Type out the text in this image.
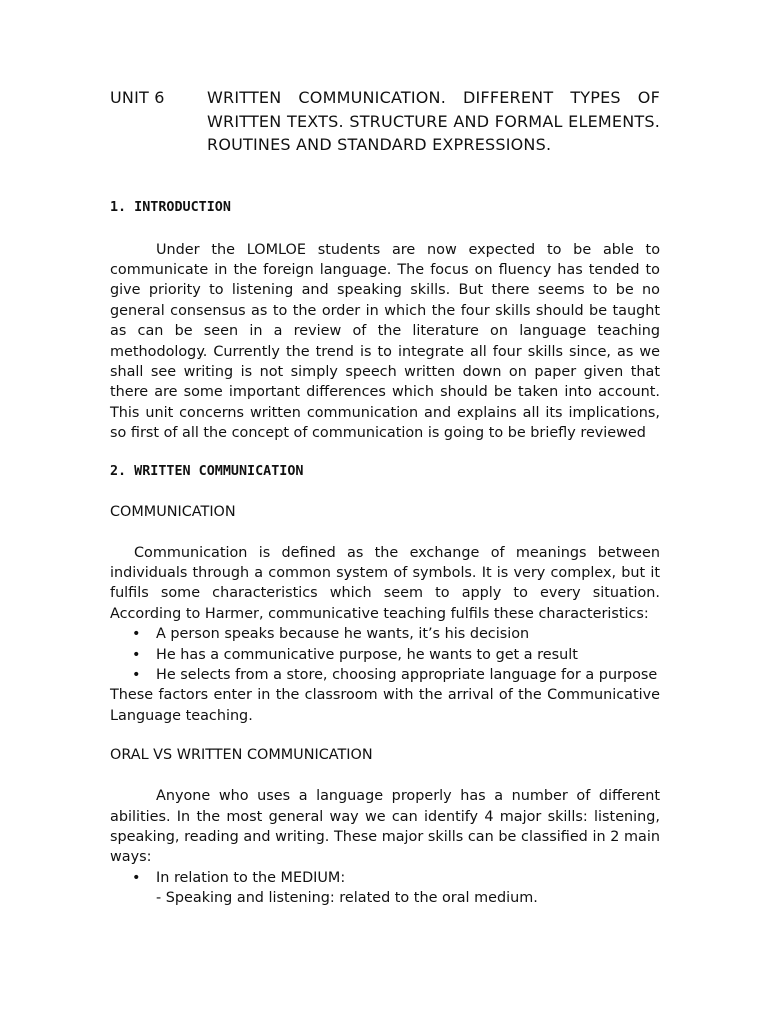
UNIT 6	WRITTEN COMMUNICATION. DIFFERENT TYPES OF WRITTEN TEXTS. STRUCTURE AND FORMAL ELEMENTS. ROUTINES AND STANDARD EXPRESSIONS.
1. INTRODUCTION

Under the LOMLOE students are now expected to be able to communicate in the foreign language. The focus on fluency has tended to give priority to listening and speaking skills. But there seems to be no general consensus as to the order in which the four skills should be taught as can be seen in a review of the literature on language teaching methodology. Currently the trend is to integrate all four skills since, as we shall see writing is not simply speech written down on paper given that there are some important differences which should be taken into account. This unit concerns written communication and explains all its implications, so first of all the concept of communication is going to be briefly reviewed

2. WRITTEN COMMUNICATION
COMMUNICATION

Communication is defined as the exchange of meanings between individuals through a common system of symbols. It is very complex, but it fulfils some characteristics which seem to apply to every situation. According to Harmer, communicative teaching fulfils these characteristics:

• A person speaks because he wants, it’s his decision
• He has a communicative purpose, he wants to get a result
• He selects from a store, choosing appropriate language for a purpose

These factors enter in the classroom with the arrival of the Communicative Language teaching.

ORAL VS WRITTEN COMMUNICATION

Anyone who uses a language properly has a number of different abilities. In the most general way we can identify 4 major skills: listening, speaking, reading and writing. These major skills can be classified in 2 main ways:

• In relation to the MEDIUM:
- Speaking and listening: related to the oral medium.
